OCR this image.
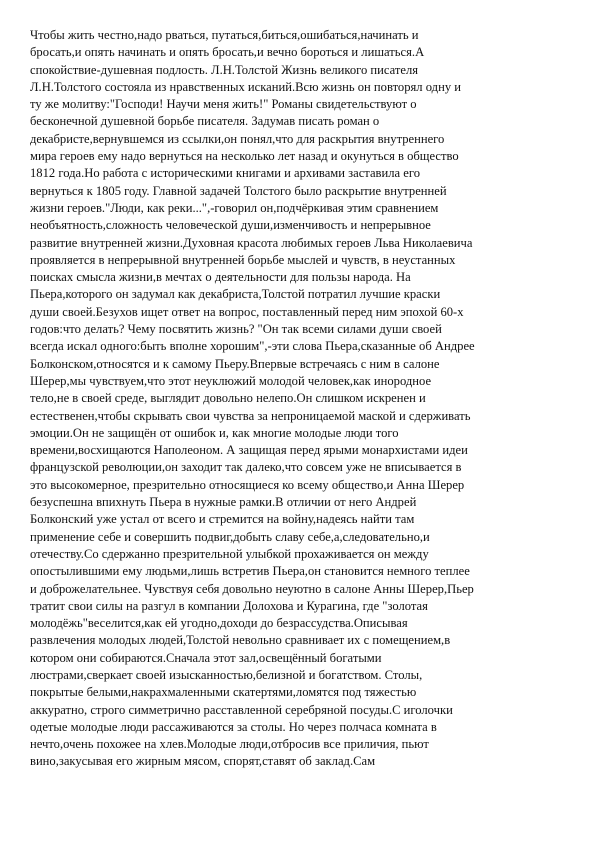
Чтобы жить честно,надо рваться, путаться,биться,ошибаться,начинать и
бросать,и опять начинать и опять бросать,и вечно бороться и лишаться.А
спокойствие-душевная подлость. Л.Н.Толстой Жизнь великого писателя
Л.Н.Толстого состояла из нравственных исканий.Всю жизнь он повторял одну и
ту же молитву:"Господи! Научи меня жить!" Романы свидетельствуют о
бесконечной душевной борьбе писателя. Задумав писать роман о
декабристе,вернувшемся из ссылки,он понял,что для раскрытия внутреннего
мира героев ему надо вернуться на несколько лет назад и окунуться в общество
1812 года.Но работа с историческими книгами и архивами заставила его
вернуться к 1805 году. Главной задачей Толстого было раскрытие внутренней
жизни героев."Люди, как реки...",-говорил он,подчёркивая этим сравнением
необъятность,сложность человеческой души,изменчивость и непрерывное
развитие внутренней жизни.Духовная красота любимых героев Льва Николаевича
проявляется в непрерывной внутренней борьбе мыслей и чувств, в неустанных
поисках смысла жизни,в мечтах о деятельности для пользы народа. На
Пьера,которого он задумал как декабриста,Толстой потратил лучшие краски
души своей.Безухов ищет ответ на вопрос, поставленный перед ним эпохой 60-х
годов:что делать? Чему посвятить жизнь? "Он так всеми силами души своей
всегда искал одного:быть вполне хорошим",-эти слова Пьера,сказанные об Андрее
Болконском,относятся и к самому Пьеру.Впервые встречаясь с ним в салоне
Шерер,мы чувствуем,что этот неуклюжий молодой человек,как инородное
тело,не в своей среде, выглядит довольно нелепо.Он слишком искренен и
естественен,чтобы скрывать свои чувства за непроницаемой маской и сдерживать
эмоции.Он не защищён от ошибок и, как многие молодые люди того
времени,восхищаются Наполеоном. А защищая перед ярыми монархистами идеи
французской революции,он заходит так далеко,что совсем уже не вписывается в
это высокомерное, презрительно относящиеся ко всему общество,и Анна Шерер
безуспешна впихнуть Пьера в нужные рамки.В отличии от него Андрей
Болконский уже устал от всего и стремится на войну,надеясь найти там
применение себе и совершить подвиг,добыть славу себе,а,следовательно,и
отечеству.Со сдержанно презрительной улыбкой прохаживается он между
опостылившими ему людьми,лишь встретив Пьера,он становится немного теплее
и доброжелательнее. Чувствуя себя довольно неуютно в салоне Анны Шерер,Пьер
тратит свои силы на разгул в компании Долохова и Курагина, где "золотая
молодёжь"веселится,как ей угодно,доходи до безрассудства.Описывая
развлечения молодых людей,Толстой невольно сравнивает их с помещением,в
котором они собираются.Сначала этот зал,освещённый богатыми
люстрами,сверкает своей изысканностью,белизной и богатством. Столы,
покрытые белыми,накрахмаленными скатертями,ломятся под тяжестью
аккуратно, строго симметрично расставленной серебряной посуды.С иголочки
одетые молодые люди рассаживаются за столы. Но через полчаса комната в
нечто,очень похожее на хлев.Молодые люди,отбросив все приличия, пьют
вино,закусывая его жирным мясом, спорят,ставят об заклад.Сам
